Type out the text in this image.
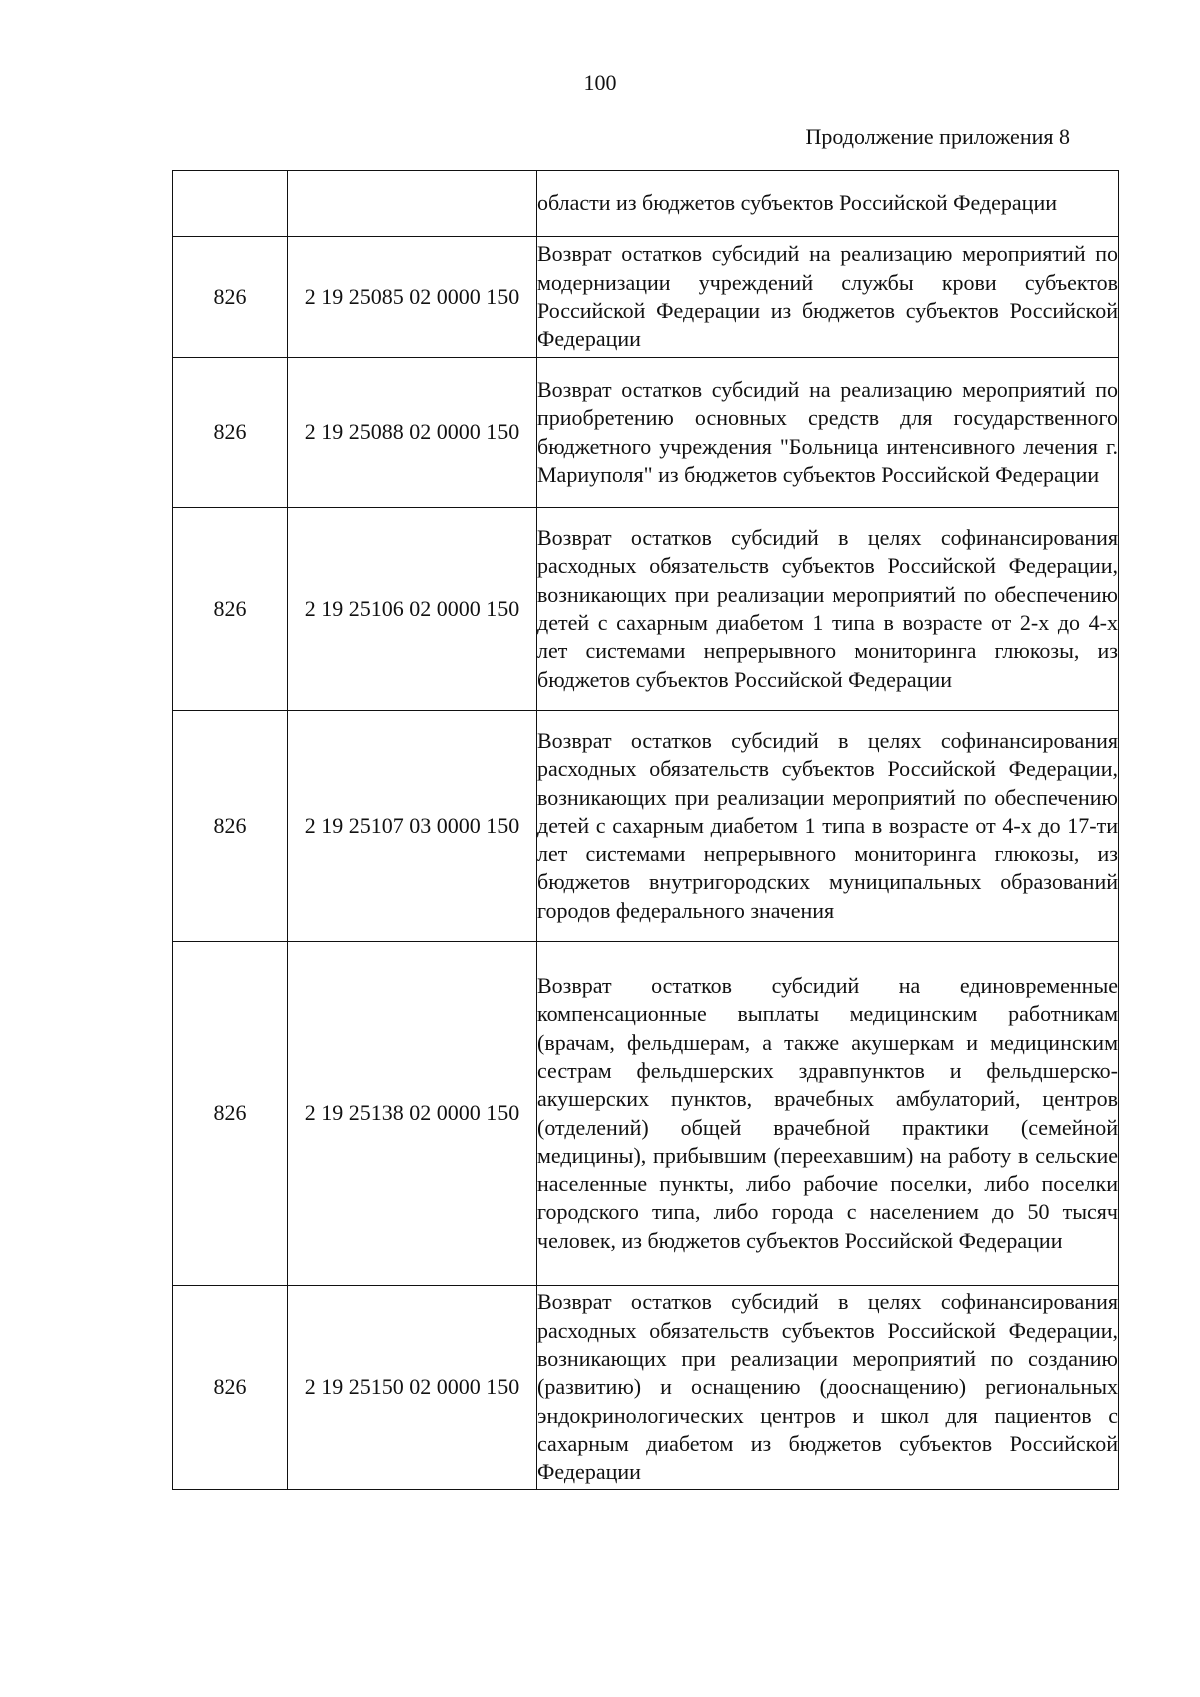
100
Продолжение приложения 8
		области из бюджетов субъектов Российской Федерации
826	2 19 25085 02 0000 150	Возврат остатков субсидий на реализацию мероприятий по модернизации учреждений службы крови субъектов Российской Федерации из бюджетов субъектов Российской Федерации
826	2 19 25088 02 0000 150	Возврат остатков субсидий на реализацию мероприятий по приобретению основных средств для государственного бюджетного учреждения "Больница интенсивного лечения г. Мариуполя" из бюджетов субъектов Российской Федерации
826	2 19 25106 02 0000 150	Возврат остатков субсидий в целях софинансирования расходных обязательств субъектов Российской Федерации, возникающих при реализации мероприятий по обеспечению детей с сахарным диабетом 1 типа в возрасте от 2-х до 4-х лет системами непрерывного мониторинга глюкозы, из бюджетов субъектов Российской Федерации
826	2 19 25107 03 0000 150	Возврат остатков субсидий в целях софинансирования расходных обязательств субъектов Российской Федерации, возникающих при реализации мероприятий по обеспечению детей с сахарным диабетом 1 типа в возрасте от 4-х до 17-ти лет системами непрерывного мониторинга глюкозы, из бюджетов внутригородских муниципальных образований городов федерального значения
826	2 19 25138 02 0000 150	Возврат остатков субсидий на единовременные компенсационные выплаты медицинским работникам (врачам, фельдшерам, а также акушеркам и медицинским сестрам фельдшерских здравпунктов и фельдшерско-акушерских пунктов, врачебных амбулаторий, центров (отделений) общей врачебной практики (семейной медицины), прибывшим (переехавшим) на работу в сельские населенные пункты, либо рабочие поселки, либо поселки городского типа, либо города с населением до 50 тысяч человек, из бюджетов субъектов Российской Федерации
826	2 19 25150 02 0000 150	Возврат остатков субсидий в целях софинансирования расходных обязательств субъектов Российской Федерации, возникающих при реализации мероприятий по созданию (развитию) и оснащению (дооснащению) региональных эндокринологических центров и школ для пациентов с сахарным диабетом из бюджетов субъектов Российской Федерации
